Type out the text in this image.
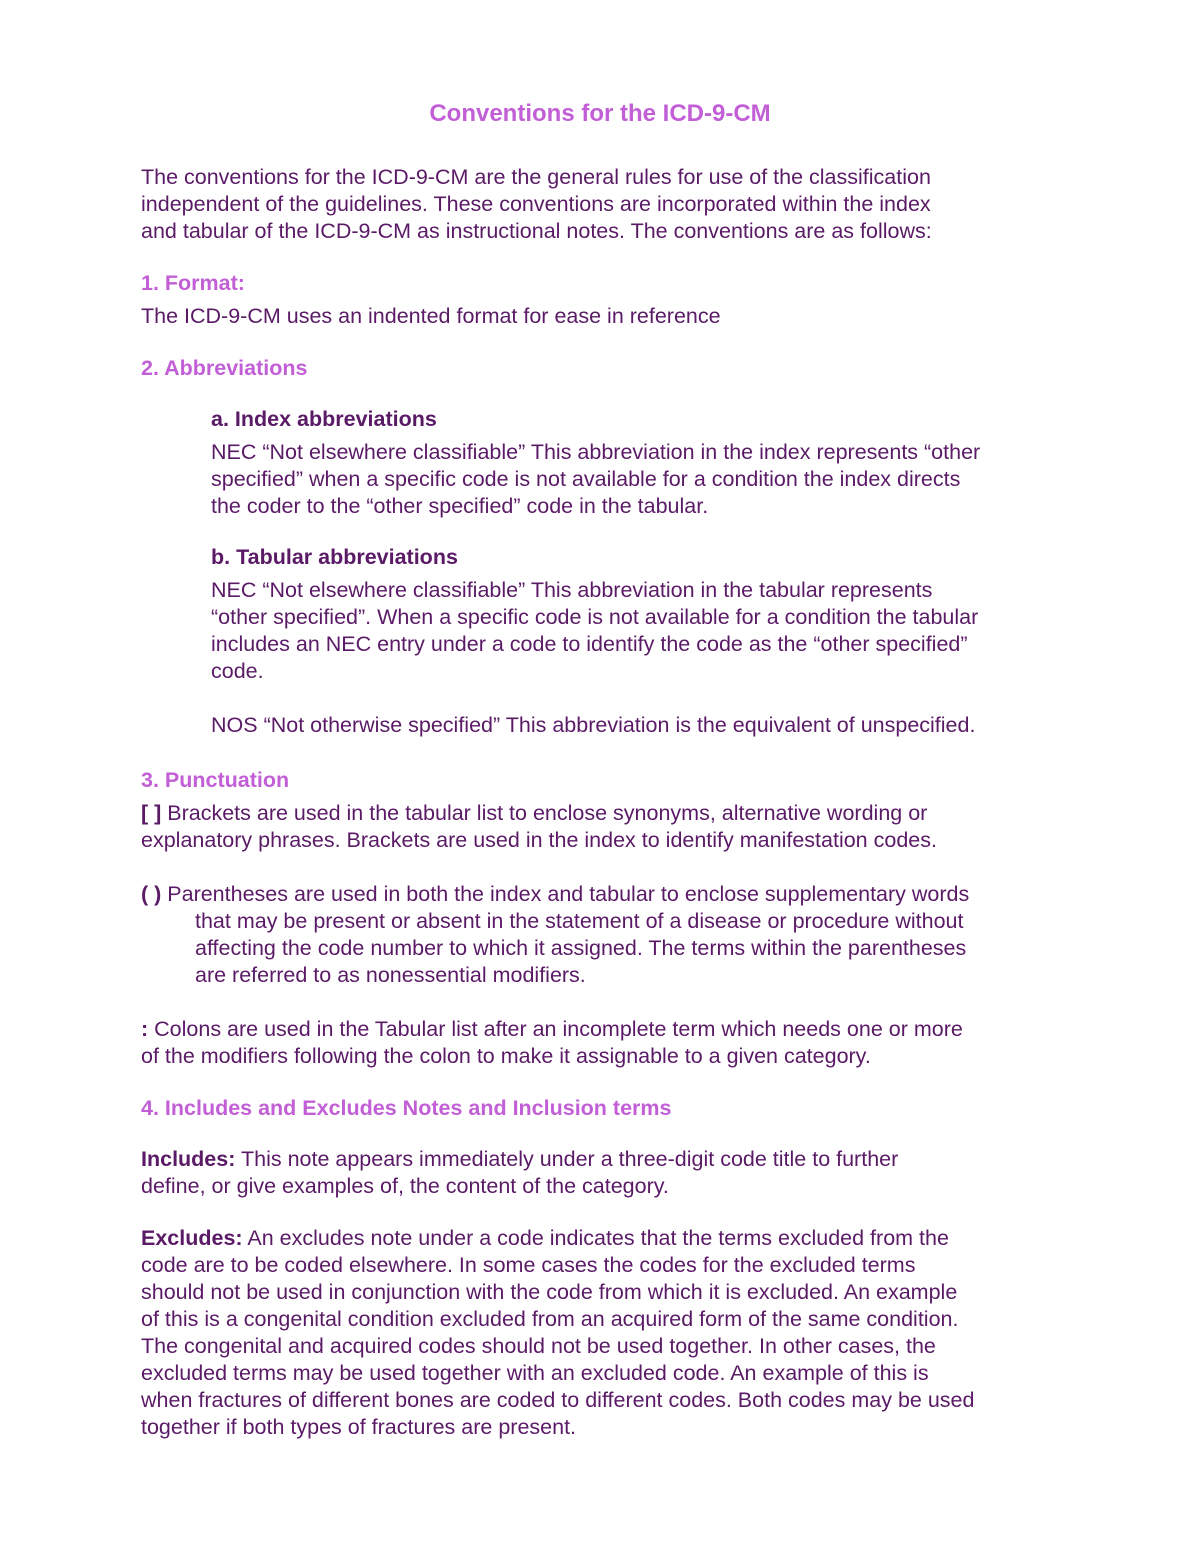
Conventions for the ICD-9-CM
The conventions for the ICD-9-CM are the general rules for use of the classification
independent of the guidelines. These conventions are incorporated within the index
and tabular of the ICD-9-CM as instructional notes. The conventions are as follows:
1. Format:
The ICD-9-CM uses an indented format for ease in reference
2. Abbreviations
a. Index abbreviations
NEC “Not elsewhere classifiable” This abbreviation in the index represents “other
specified” when a specific code is not available for a condition the index directs
the coder to the “other specified” code in the tabular.
b. Tabular abbreviations
NEC “Not elsewhere classifiable” This abbreviation in the tabular represents
“other specified”. When a specific code is not available for a condition the tabular
includes an NEC entry under a code to identify the code as the “other specified”
code.
NOS “Not otherwise specified” This abbreviation is the equivalent of unspecified.
3. Punctuation
[ ] Brackets are used in the tabular list to enclose synonyms, alternative wording or
explanatory phrases. Brackets are used in the index to identify manifestation codes.
( ) Parentheses are used in both the index and tabular to enclose supplementary words
that may be present or absent in the statement of a disease or procedure without
affecting the code number to which it assigned. The terms within the parentheses
are referred to as nonessential modifiers.
: Colons are used in the Tabular list after an incomplete term which needs one or more
of the modifiers following the colon to make it assignable to a given category.
4. Includes and Excludes Notes and Inclusion terms
Includes: This note appears immediately under a three-digit code title to further
define, or give examples of, the content of the category.
Excludes: An excludes note under a code indicates that the terms excluded from the
code are to be coded elsewhere. In some cases the codes for the excluded terms
should not be used in conjunction with the code from which it is excluded. An example
of this is a congenital condition excluded from an acquired form of the same condition.
The congenital and acquired codes should not be used together. In other cases, the
excluded terms may be used together with an excluded code. An example of this is
when fractures of different bones are coded to different codes. Both codes may be used
together if both types of fractures are present.
